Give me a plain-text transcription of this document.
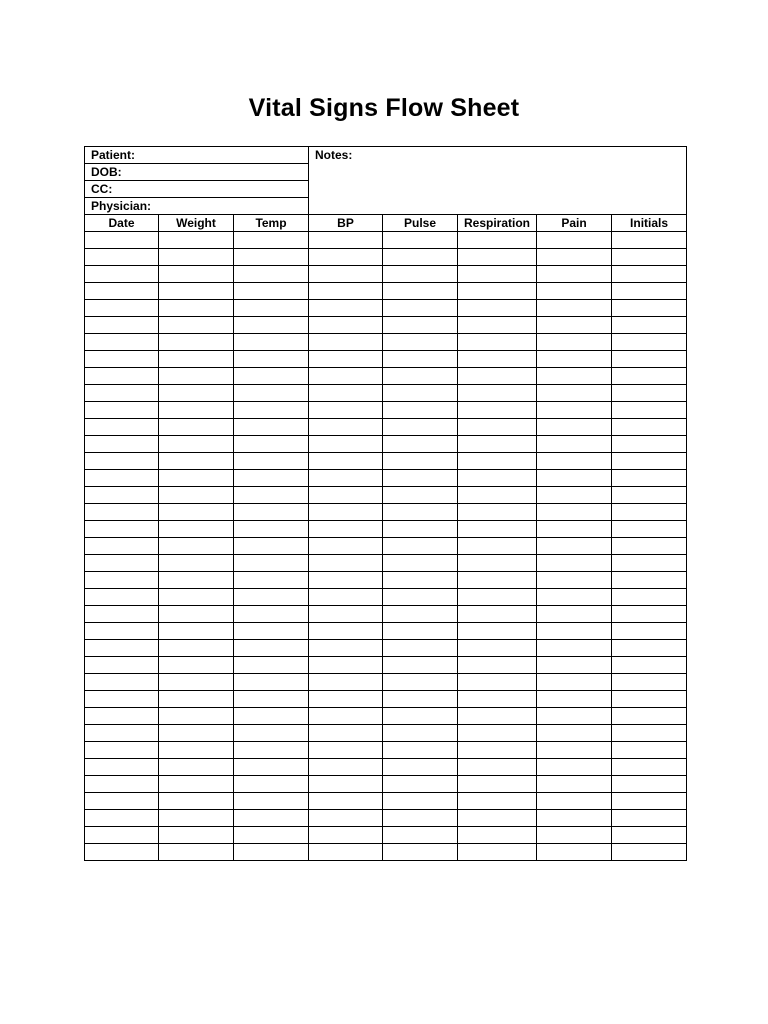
Vital Signs Flow Sheet
Patient:			Notes:				
DOB:							
CC:							
Physician:							
Date	Weight	Temp	BP	Pulse	Respiration	Pain	Initials
